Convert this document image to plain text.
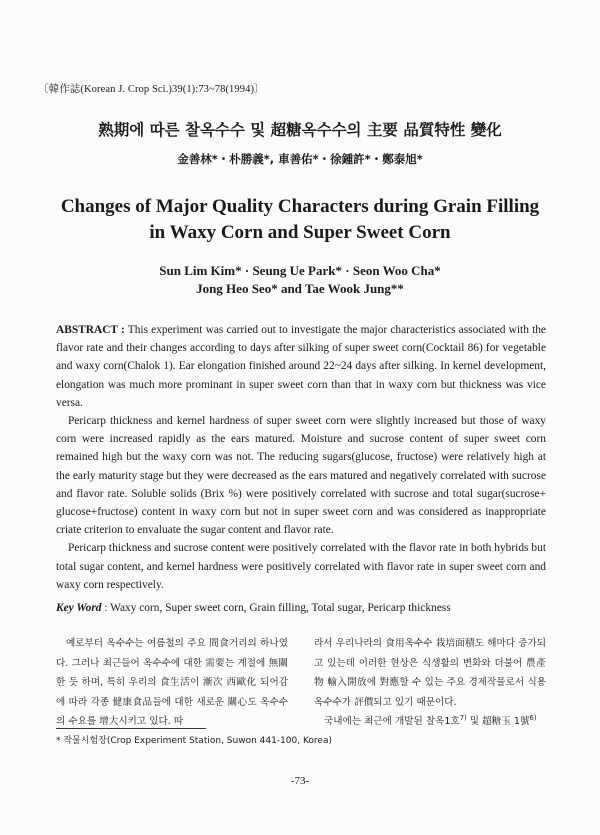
〔韓作誌(Korean J. Crop Sci.)39(1):73~78(1994)〕
熟期에 따른 찰옥수수 및 超糖옥수수의 主要 品質特性 變化
金善林*・朴勝義*, 車善佑*・徐鍾許*・鄭泰旭*
Changes of Major Quality Characters during Grain Filling
in Waxy Corn and Super Sweet Corn
Sun Lim Kim* · Seung Ue Park* · Seon Woo Cha*
Jong Heo Seo* and Tae Wook Jung**

ABSTRACT : This experiment was carried out to investigate the major characteristics associated with the flavor rate and their changes according to days after silking of super sweet corn(Cocktail 86) for vegetable and waxy corn(Chalok 1). Ear elongation finished around 22~24 days after silking. In kernel development, elongation was much more prominant in super sweet corn than that in waxy corn but thickness was vice versa.

Pericarp thickness and kernel hardness of super sweet corn were slightly increased but those of waxy corn were increased rapidly as the ears matured. Moisture and sucrose content of super sweet corn remained high but the waxy corn was not. The reducing sugars(glucose, fructose) were relatively high at the early maturity stage but they were decreased as the ears matured and negatively correlated with sucrose and flavor rate. Soluble solids (Brix %) were positively correlated with sucrose and total sugar(sucrose+ glucose+fructose) content in waxy corn but not in super sweet corn and was considered as inappropriate criate criterion to envaluate the sugar content and flavor rate.

Pericarp thickness and sucrose content were positively correlated with the flavor rate in both hybrids but total sugar content, and kernel hardness were positively correlated with flavor rate in super sweet corn and waxy corn respectively.

Key Word : Waxy corn, Super sweet corn, Grain filling, Total sugar, Pericarp thickness

예로부터 옥수수는 여름철의 주요 間食거리의 하나였다. 그러나 최근들어 옥수수에 대한 需要는 계절에 無關한 듯 하며, 특히 우리의 食生活이 漸次 西歐化 되어감에 따라 각종 健康食品들에 대한 새로운 關心도 옥수수의 수요를 增大시키고 있다. 따

라서 우리나라의 食用옥수수 栽培面積도 해마다 증가되고 있는데 이러한 현상은 식생활의 변화와 더불어 農產物 輸入開放에 對應할 수 있는 주요 경제작물로서 식용옥수수가 評價되고 있기 때문이다.

국내에는 최근에 개발된 찰옥1호$^{7)}$ 및 超糖玉 1號$^{6)}$

* 작물시험장(Crop Experiment Station, Suwon 441-100, Korea)
-73-
